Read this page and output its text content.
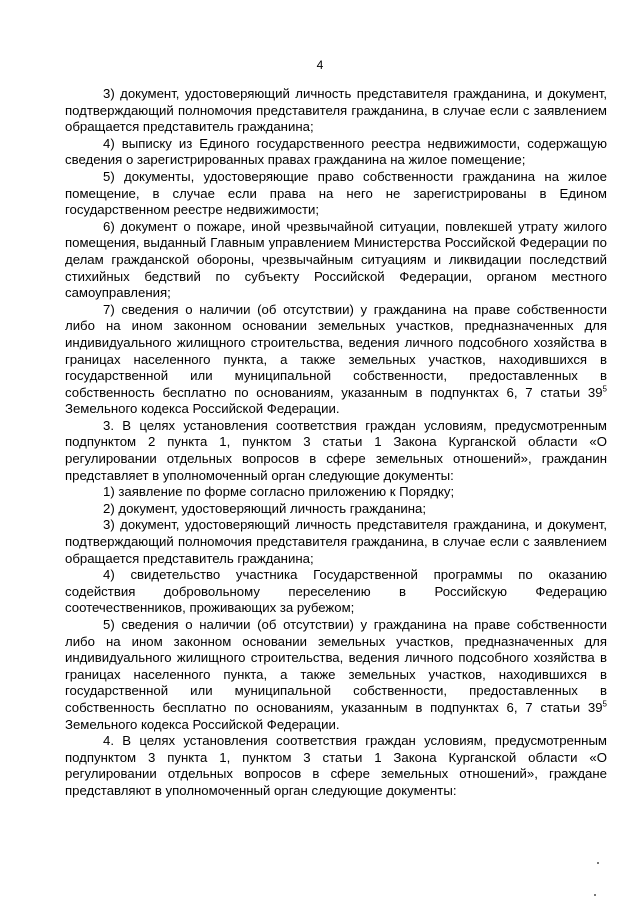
4

3) документ, удостоверяющий личность представителя гражданина, и документ, подтверждающий полномочия представителя гражданина, в случае если с заявлением обращается представитель гражданина;

4) выписку из Единого государственного реестра недвижимости, содержащую сведения о зарегистрированных правах гражданина на жилое помещение;

5) документы, удостоверяющие право собственности гражданина на жилое помещение, в случае если права на него не зарегистрированы в Едином государственном реестре недвижимости;

6) документ о пожаре, иной чрезвычайной ситуации, повлекшей утрату жилого помещения, выданный Главным управлением Министерства Российской Федерации по делам гражданской обороны, чрезвычайным ситуациям и ликвидации последствий стихийных бедствий по субъекту Российской Федерации, органом местного самоуправления;

7) сведения о наличии (об отсутствии) у гражданина на праве собственности либо на ином законном основании земельных участков, предназначенных для индивидуального жилищного строительства, ведения личного подсобного хозяйства в границах населенного пункта, а также земельных участков, находившихся в государственной или муниципальной собственности, предоставленных в собственность бесплатно по основаниям, указанным в подпунктах 6, 7 статьи $39^5$ Земельного кодекса Российской Федерации.

3. В целях установления соответствия граждан условиям, предусмотренным подпунктом 2 пункта 1, пунктом 3 статьи 1 Закона Курганской области «О регулировании отдельных вопросов в сфере земельных отношений», гражданин представляет в уполномоченный орган следующие документы:

1) заявление по форме согласно приложению к Порядку;

2) документ, удостоверяющий личность гражданина;

3) документ, удостоверяющий личность представителя гражданина, и документ, подтверждающий полномочия представителя гражданина, в случае если с заявлением обращается представитель гражданина;

4) свидетельство участника Государственной программы по оказанию содействия добровольному переселению в Российскую Федерацию соотечественников, проживающих за рубежом;

5) сведения о наличии (об отсутствии) у гражданина на праве собственности либо на ином законном основании земельных участков, предназначенных для индивидуального жилищного строительства, ведения личного подсобного хозяйства в границах населенного пункта, а также земельных участков, находившихся в государственной или муниципальной собственности, предоставленных в собственность бесплатно по основаниям, указанным в подпунктах 6, 7 статьи $39^5$ Земельного кодекса Российской Федерации.

4. В целях установления соответствия граждан условиям, предусмотренным подпунктом 3 пункта 1, пунктом 3 статьи 1 Закона Курганской области «О регулировании отдельных вопросов в сфере земельных отношений», граждане представляют в уполномоченный орган следующие документы:
